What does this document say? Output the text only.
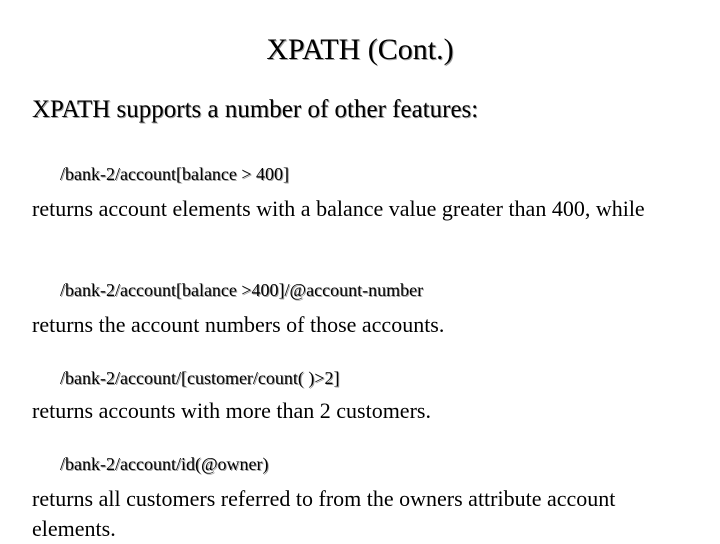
XPATH (Cont.)
XPATH supports a number of other features:
/bank-2/account[balance > 400]
returns account elements with a balance value greater than 400, while
/bank-2/account[balance >400]/@account-number
returns the account numbers of those accounts.
/bank-2/account/[customer/count( )>2]
returns accounts with more than 2 customers.
/bank-2/account/id(@owner)
returns all customers referred to from the owners attribute account elements.
